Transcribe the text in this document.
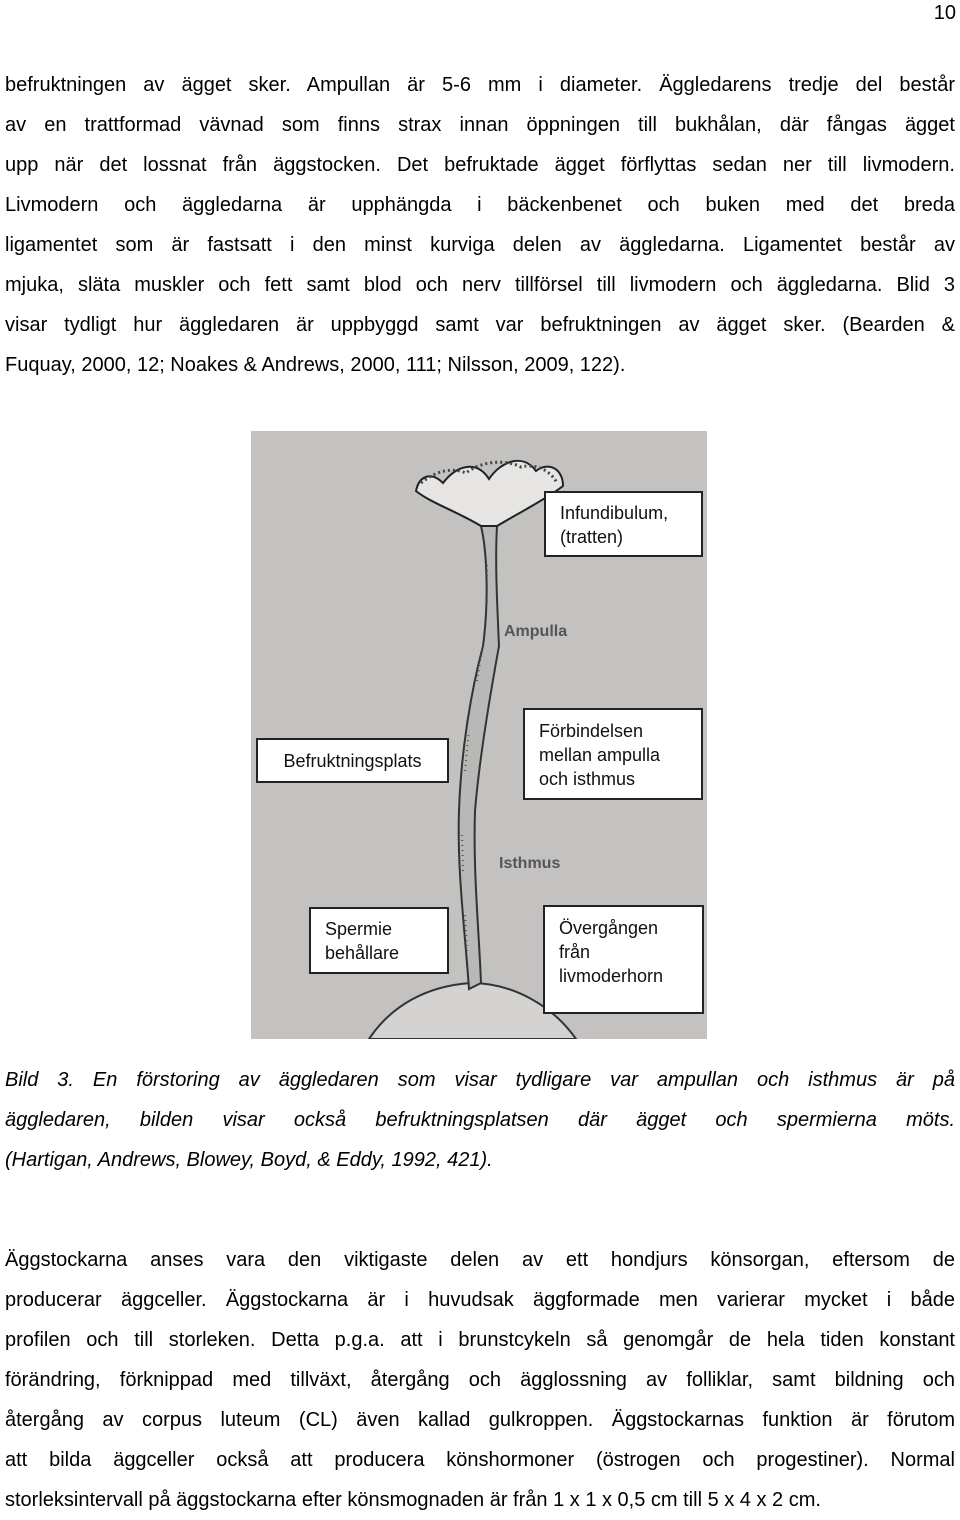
10

befruktningen av ägget sker. Ampullan är 5-6 mm i diameter. Äggledarens tredje del består
av en trattformad vävnad som finns strax innan öppningen till bukhålan, där fångas ägget
upp när det lossnat från äggstocken. Det befruktade ägget förflyttas sedan ner till livmodern.
Livmodern och äggledarna är upphängda i bäckenbenet och buken med det breda
ligamentet som är fastsatt i den minst kurviga delen av äggledarna. Ligamentet består av
mjuka, släta muskler och fett samt blod och nerv tillförsel till livmodern och äggledarna. Blid 3
visar tydligt hur äggledaren är uppbyggd samt var befruktningen av ägget sker. (Bearden &
Fuquay, 2000, 12; Noakes & Andrews, 2000, 111; Nilsson, 2009, 122).

Ampulla
Isthmus
Infundibulum, (tratten)
Befruktningsplats
Förbindelsen mellan ampulla och isthmus
Spermie behållare
Övergången från livmoderhorn

Bild 3. En förstoring av äggledaren som visar tydligare var ampullan och isthmus är på
äggledaren, bilden visar också befruktningsplatsen där ägget och spermierna möts.
(Hartigan, Andrews, Blowey, Boyd, & Eddy, 1992, 421).

Äggstockarna anses vara den viktigaste delen av ett hondjurs könsorgan, eftersom de
producerar äggceller. Äggstockarna är i huvudsak äggformade men varierar mycket i både
profilen och till storleken. Detta p.g.a. att i brunstcykeln så genomgår de hela tiden konstant
förändring, förknippad med tillväxt, återgång och ägglossning av folliklar, samt bildning och
återgång av corpus luteum (CL) även kallad gulkroppen. Äggstockarnas funktion är förutom
att bilda äggceller också att producera könshormoner (östrogen och progestiner). Normal
storleksintervall på äggstockarna efter könsmognaden är från 1 x 1 x 0,5 cm till 5 x 4 x 2 cm.
